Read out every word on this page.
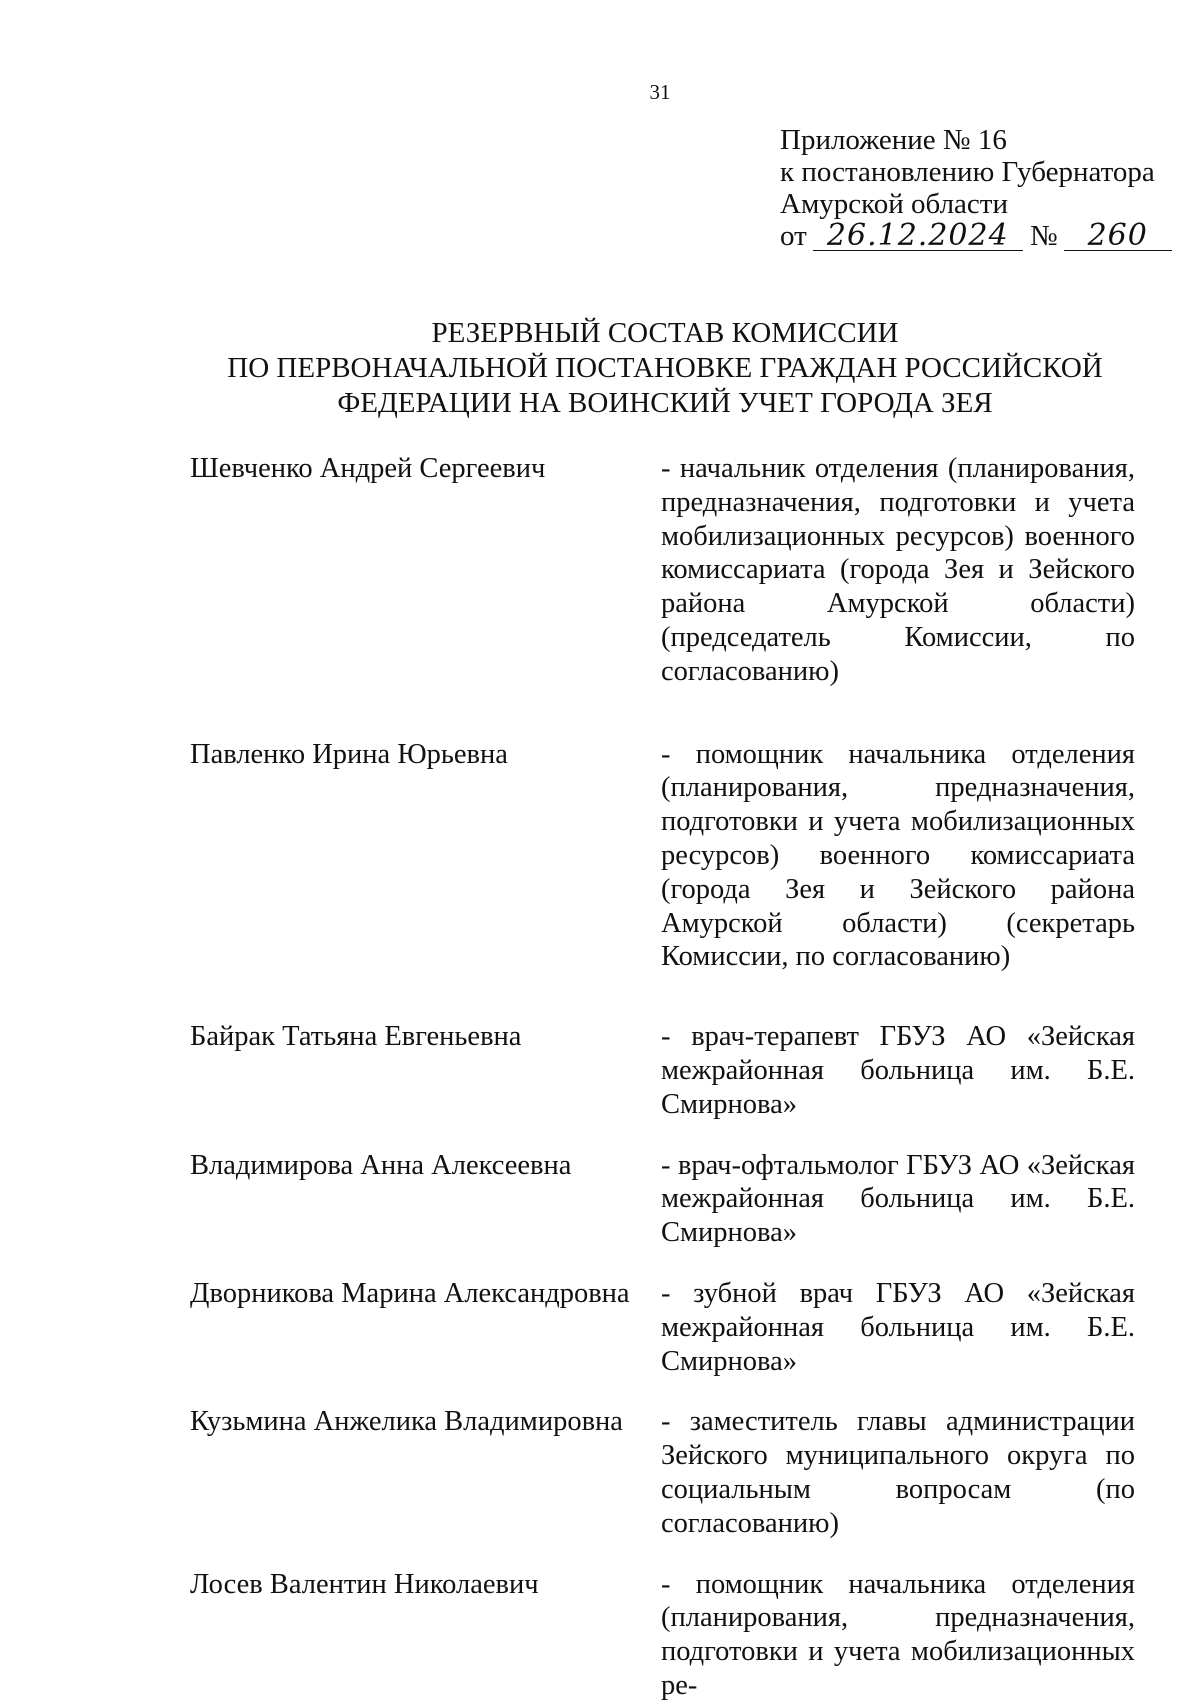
31
Приложение № 16
к постановлению Губернатора
Амурской области
от 26.12.2024 № 260
РЕЗЕРВНЫЙ СОСТАВ КОМИССИИ
ПО ПЕРВОНАЧАЛЬНОЙ ПОСТАНОВКЕ ГРАЖДАН РОССИЙСКОЙ
ФЕДЕРАЦИИ НА ВОИНСКИЙ УЧЕТ ГОРОДА ЗЕЯ
Шевченко Андрей Сергеевич	- начальник отделения (планирования, предназначения, подготовки и учета мобилизационных ресурсов) военного комиссариата (города Зея и Зейского района Амурской области) (председатель Комиссии, по согласованию)
Павленко Ирина Юрьевна	- помощник начальника отделения (планирования, предназначения, подготовки и учета мобилизационных ресурсов) военного комиссариата (города Зея и Зейского района Амурской области) (секретарь Комиссии, по согласованию)
Байрак Татьяна Евгеньевна	- врач-терапевт ГБУЗ АО «Зейская межрайонная больница им. Б.Е. Смирнова»
Владимирова Анна Алексеевна	- врач-офтальмолог ГБУЗ АО «Зейская межрайонная больница им. Б.Е. Смирнова»
Дворникова Марина Александровна	- зубной врач ГБУЗ АО «Зейская межрайонная больница им. Б.Е. Смирнова»
Кузьмина Анжелика Владимировна	- заместитель главы администрации Зейского муниципального округа по социальным вопросам (по согласованию)
Лосев Валентин Николаевич	- помощник начальника отделения (планирования, предназначения, подготовки и учета мобилизационных ре-
